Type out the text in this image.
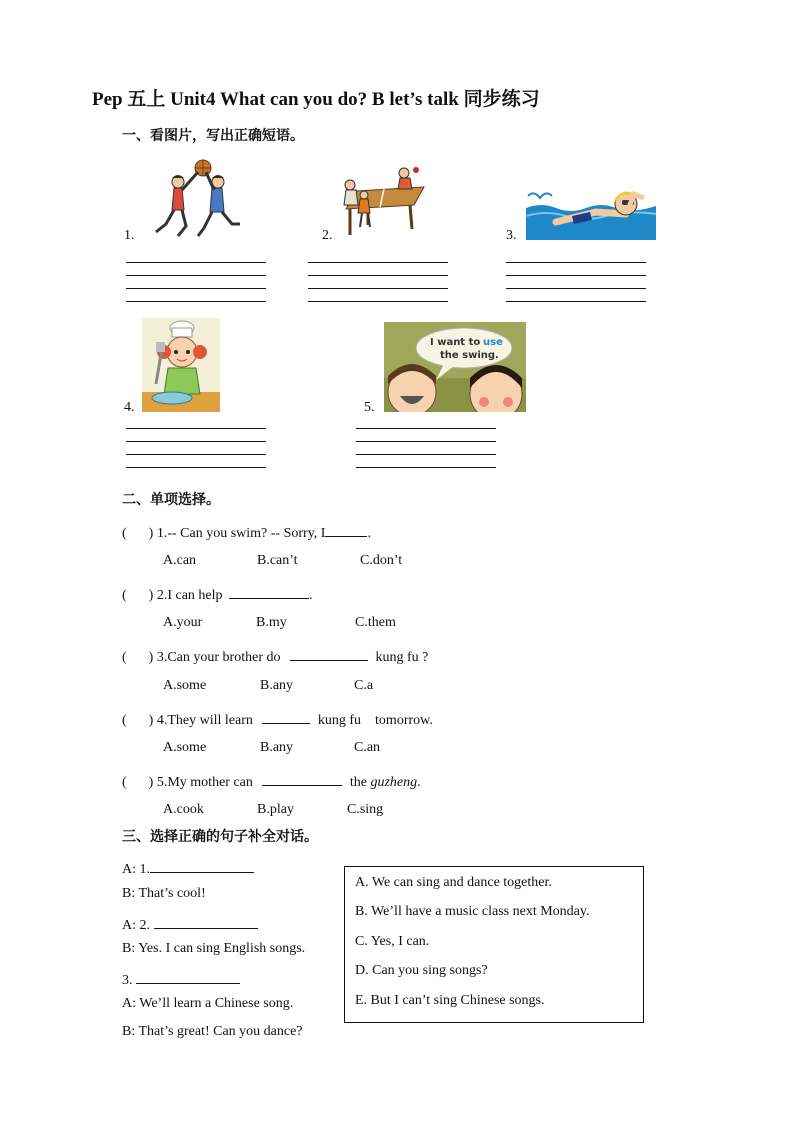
Pep 五上 Unit4 What can you do? B let’s talk 同步练习
一、看图片，写出正确短语。
1.	2.	3.
4.
I want to use
the swing.
5.
二、单项选择。
( ) 1.-- Can you swim? -- Sorry, I	.
A.can	B.can’t	C.don’t
( ) 2.I can help	.
A.your	B.my	C.them
( ) 3.Can your brother do	kung fu ?
A.some	B.any	C.a
( ) 4.They will learn	kung fu    tomorrow.
A.some	B.any	C.an
( ) 5.My mother can	the guzheng.
A.cook	B.play	C.sing
三、选择正确的句子补全对话。
A: 1.
B: That’s cool!
A: 2.
B: Yes. I can sing English songs.
3.
A: We’ll learn a Chinese song.
B: That’s great! Can you dance?

A. We can sing and dance together.

B. We’ll have a music class next Monday.

C. Yes, I can.

D. Can you sing songs?

E. But I can’t sing Chinese songs.
